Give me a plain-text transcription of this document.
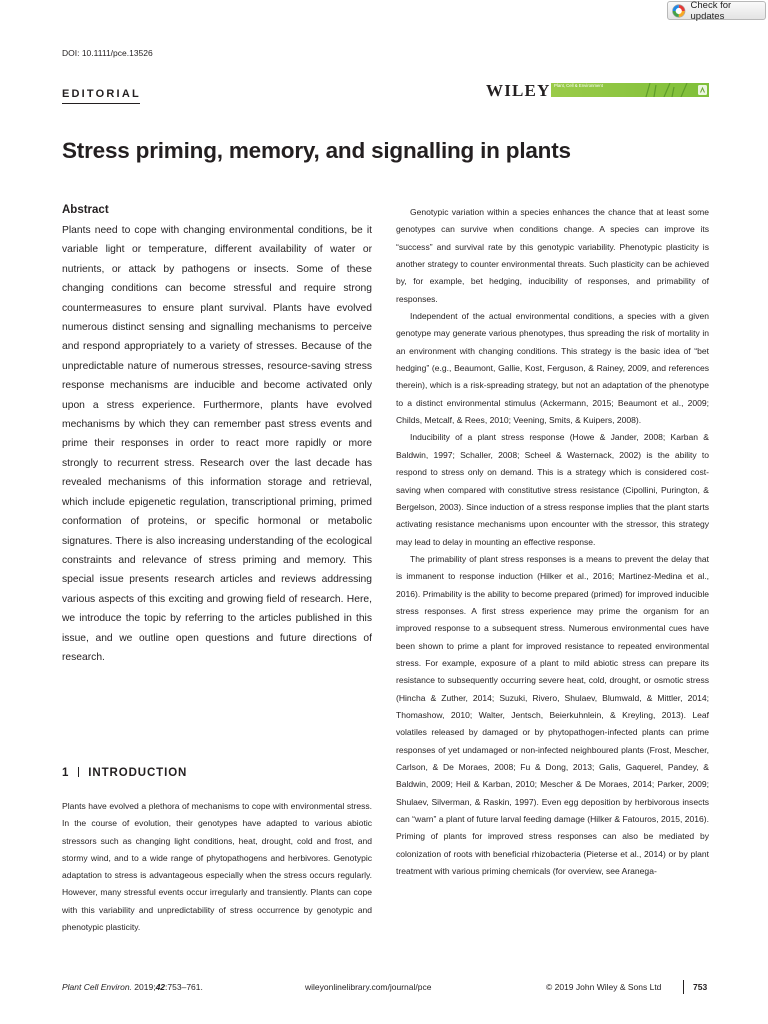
Check for updates
DOI: 10.1111/pce.13526
EDITORIAL	WILEY Plant, Cell & Environment
Stress priming, memory, and signalling in plants
Abstract
Plants need to cope with changing environmental conditions, be it variable light or temperature, different availability of water or nutrients, or attack by pathogens or insects. Some of these changing conditions can become stressful and require strong countermeasures to ensure plant survival. Plants have evolved numerous distinct sensing and signalling mechanisms to perceive and respond appropriately to a variety of stresses. Because of the unpredictable nature of numerous stresses, resource-saving stress response mechanisms are inducible and become activated only upon a stress experience. Furthermore, plants have evolved mechanisms by which they can remember past stress events and prime their responses in order to react more rapidly or more strongly to recurrent stress. Research over the last decade has revealed mechanisms of this information storage and retrieval, which include epigenetic regulation, transcriptional priming, primed conformation of proteins, or specific hormonal or metabolic signatures. There is also increasing understanding of the ecological constraints and relevance of stress priming and memory. This special issue presents research articles and reviews addressing various aspects of this exciting and growing field of research. Here, we introduce the topic by referring to the articles published in this issue, and we outline open questions and future directions of research.
1 INTRODUCTION
Plants have evolved a plethora of mechanisms to cope with environmental stress. In the course of evolution, their genotypes have adapted to various abiotic stressors such as changing light conditions, heat, drought, cold and frost, and stormy wind, and to a wide range of phytopathogens and herbivores. Genotypic adaptation to stress is advantageous especially when the stress occurs regularly. However, many stressful events occur irregularly and transiently. Plants can cope with this variability and unpredictability of stress occurrence by genotypic and phenotypic plasticity.

Genotypic variation within a species enhances the chance that at least some genotypes can survive when conditions change. A species can improve its “success” and survival rate by this genotypic variability. Phenotypic plasticity is another strategy to counter environmental threats. Such plasticity can be achieved by, for example, bet hedging, inducibility of responses, and primability of responses.

Independent of the actual environmental conditions, a species with a given genotype may generate various phenotypes, thus spreading the risk of mortality in an environment with changing conditions. This strategy is the basic idea of “bet hedging” (e.g., Beaumont, Gallie, Kost, Ferguson, & Rainey, 2009, and references therein), which is a risk-spreading strategy, but not an adaptation of the phenotype to a distinct environmental stimulus (Ackermann, 2015; Beaumont et al., 2009; Childs, Metcalf, & Rees, 2010; Veening, Smits, & Kuipers, 2008).

Inducibility of a plant stress response (Howe & Jander, 2008; Karban & Baldwin, 1997; Schaller, 2008; Scheel & Wasternack, 2002) is the ability to respond to stress only on demand. This is a strategy which is considered cost-saving when compared with constitutive stress resistance (Cipollini, Purington, & Bergelson, 2003). Since induction of a stress response implies that the plant starts activating resistance mechanisms upon encounter with the stressor, this strategy may lead to delay in mounting an effective response.

The primability of plant stress responses is a means to prevent the delay that is immanent to response induction (Hilker et al., 2016; Martinez-Medina et al., 2016). Primability is the ability to become prepared (primed) for improved inducible stress responses. A first stress experience may prime the organism for an improved response to a subsequent stress. Numerous environmental cues have been shown to prime a plant for improved resistance to repeated environmental stress. For example, exposure of a plant to mild abiotic stress can prepare its resistance to subsequently occurring severe heat, cold, drought, or osmotic stress (Hincha & Zuther, 2014; Suzuki, Rivero, Shulaev, Blumwald, & Mittler, 2014; Thomashow, 2010; Walter, Jentsch, Beierkuhnlein, & Kreyling, 2013). Leaf volatiles released by damaged or by phytopathogen-infected plants can prime responses of yet undamaged or non-infected neighboured plants (Frost, Mescher, Carlson, & De Moraes, 2008; Fu & Dong, 2013; Galis, Gaquerel, Pandey, & Baldwin, 2009; Heil & Karban, 2010; Mescher & De Moraes, 2014; Parker, 2009; Shulaev, Silverman, & Raskin, 1997). Even egg deposition by herbivorous insects can “warn” a plant of future larval feeding damage (Hilker & Fatouros, 2015, 2016). Priming of plants for improved stress responses can also be mediated by colonization of roots with beneficial rhizobacteria (Pieterse et al., 2014) or by plant treatment with various priming chemicals (for overview, see Aranega-

Plant Cell Environ. 2019;42:753–761.	wileyonlinelibrary.com/journal/pce	© 2019 John Wiley & Sons Ltd	753
